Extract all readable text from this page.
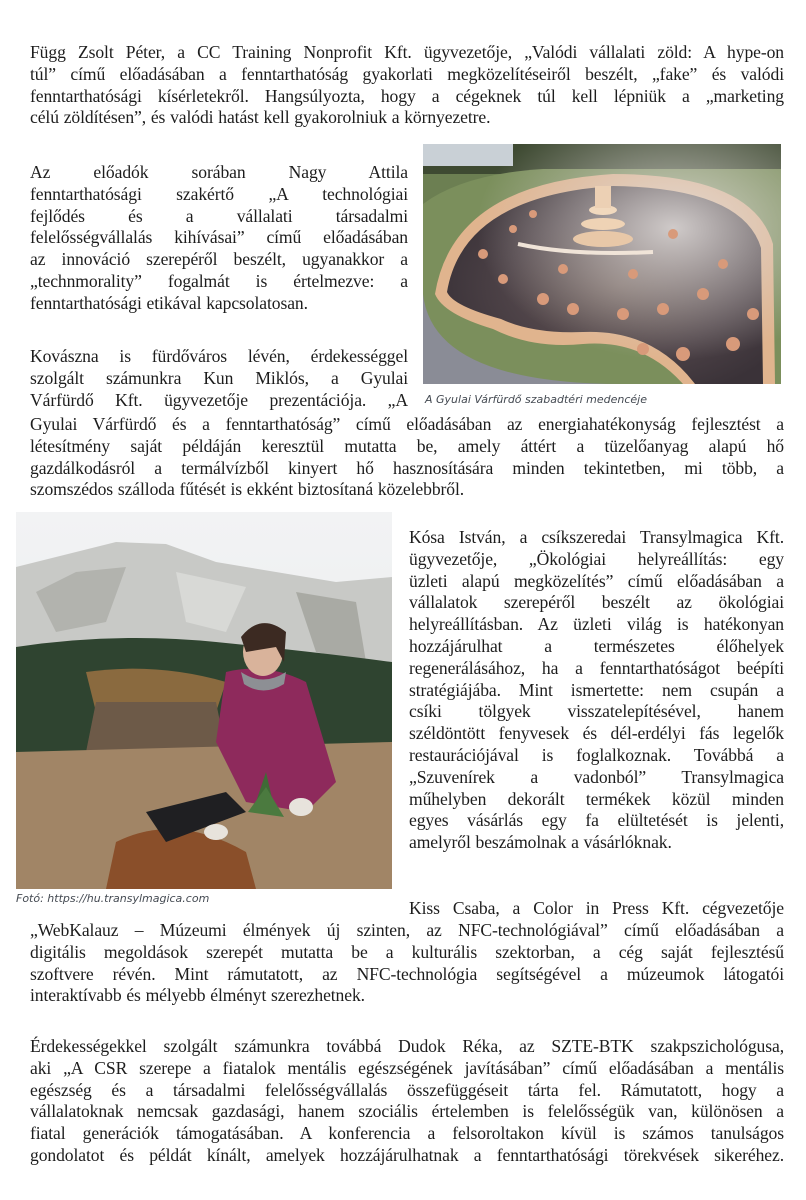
Függ Zsolt Péter, a CC Training Nonprofit Kft. ügyvezetője, „Valódi vállalati zöld: A hype-on
túl” című előadásában a fenntarthatóság gyakorlati megközelítéseiről beszélt, „fake” és valódi
fenntarthatósági kísérletekről. Hangsúlyozta, hogy a cégeknek túl kell lépniük a „marketing
célú zöldítésen”, és valódi hatást kell gyakorolniuk a környezetre.
Az előadók sorában Nagy Attila
fenntarthatósági szakértő „A technológiai
fejlődés és a vállalati társadalmi
felelősségvállalás kihívásai” című előadásában
az innováció szerepéről beszélt, ugyanakkor a
„technmorality” fogalmát is értelmezve: a
fenntarthatósági etikával kapcsolatosan.
A Gyulai Várfürdő szabadtéri medencéje
Kovászna is fürdőváros lévén, érdekességgel
szolgált számunkra Kun Miklós, a Gyulai
Várfürdő Kft. ügyvezetője prezentációja. „A
Gyulai Várfürdő és a fenntarthatóság” című előadásában az energiahatékonyság fejlesztést a
létesítmény saját példáján keresztül mutatta be, amely áttért a tüzelőanyag alapú hő
gazdálkodásról a termálvízből kinyert hő hasznosítására minden tekintetben, mi több, a
szomszédos szálloda fűtését is ekként biztosítaná közelebbről.
Fotó: https://hu.transylmagica.com
Kósa István, a csíkszeredai Transylmagica Kft.
ügyvezetője, „Ökológiai helyreállítás: egy
üzleti alapú megközelítés” című előadásában a
vállalatok szerepéről beszélt az ökológiai
helyreállításban. Az üzleti világ is hatékonyan
hozzájárulhat a természetes élőhelyek
regenerálásához, ha a fenntarthatóságot beépíti
stratégiájába. Mint ismertette: nem csupán a
csíki tölgyek visszatelepítésével, hanem
széldöntött fenyvesek és dél-erdélyi fás legelők
restaurációjával is foglalkoznak. Továbbá a
„Szuvenírek a vadonból” Transylmagica
műhelyben dekorált termékek közül minden
egyes vásárlás egy fa elültetését is jelenti,
amelyről beszámolnak a vásárlóknak.
Kiss Csaba, a Color in Press Kft. cégvezetője
„WebKalauz – Múzeumi élmények új szinten, az NFC-technológiával” című előadásában a
digitális megoldások szerepét mutatta be a kulturális szektorban, a cég saját fejlesztésű
szoftvere révén. Mint rámutatott, az NFC-technológia segítségével a múzeumok látogatói
interaktívabb és mélyebb élményt szerezhetnek.
Érdekességekkel szolgált számunkra továbbá Dudok Réka, az SZTE-BTK szakpszichológusa,
aki „A CSR szerepe a fiatalok mentális egészségének javításában” című előadásában a mentális
egészség és a társadalmi felelősségvállalás összefüggéseit tárta fel. Rámutatott, hogy a
vállalatoknak nemcsak gazdasági, hanem szociális értelemben is felelősségük van, különösen a
fiatal generációk támogatásában. A konferencia a felsoroltakon kívül is számos tanulságos
gondolatot és példát kínált, amelyek hozzájárulhatnak a fenntarthatósági törekvések sikeréhez.
